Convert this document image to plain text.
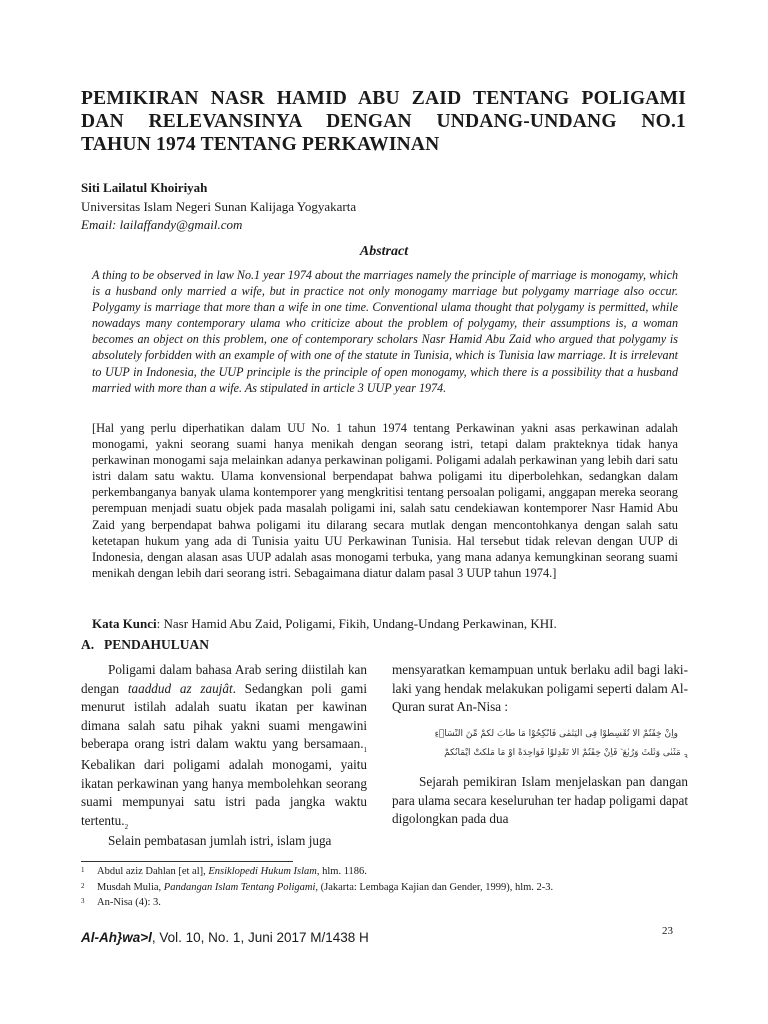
PEMIKIRAN NASR HAMID ABU ZAID TENTANG POLIGAMI
DAN RELEVANSINYA DENGAN UNDANG-UNDANG NO.1
TAHUN 1974 TENTANG PERKAWINAN
Siti Lailatul Khoiriyah
Universitas Islam Negeri Sunan Kalijaga Yogyakarta
Email: lailaffandy@gmail.com
Abstract

A thing to be observed in law No.1 year 1974 about the marriages namely the principle of marriage is monogamy, which is a husband only married a wife, but in practice not only monogamy marriage but polygamy marriage also occur. Polygamy is marriage that more than a wife in one time. Conventional ulama thought that polygamy is permitted, while nowadays many contemporary ulama who criticize about the problem of polygamy, their assumptions is, a woman becomes an object on this problem, one of contemporary scholars Nasr Hamid Abu Zaid who argued that polygamy is absolutely forbidden with an example of with one of the statute in Tunisia, which is Tunisia law marriage. It is irrelevant to UUP in Indonesia, the UUP principle is the principle of open monogamy, which there is a possibility that a husband married with more than a wife. As stipulated in article 3 UUP year 1974.

[Hal yang perlu diperhatikan dalam UU No. 1 tahun 1974 tentang Perkawinan yakni asas perkawinan adalah monogami, yakni seorang suami hanya menikah dengan seorang istri, tetapi dalam prakteknya tidak hanya perkawinan monogami saja melainkan adanya perkawinan poligami. Poligami adalah perkawinan yang lebih dari satu istri dalam satu waktu. Ulama konvensional berpendapat bahwa poligami itu diperbolehkan, sedangkan dalam perkembanganya banyak ulama kontemporer yang mengkritisi tentang persoalan poligami, anggapan mereka seorang perempuan menjadi suatu objek pada masalah poligami ini, salah satu cendekiawan kontemporer Nasr Hamid Abu Zaid yang berpendapat bahwa poligami itu dilarang secara mutlak dengan mencontohkanya dengan salah satu ketetapan hukum yang ada di Tunisia yaitu UU Perkawinan Tunisia. Hal tersebut tidak relevan dengan UUP di Indonesia, dengan alasan asas UUP adalah asas monogami terbuka, yang mana adanya kemungkinan seorang suami menikah dengan lebih dari seorang istri. Sebagaimana diatur dalam pasal 3 UUP tahun 1974.]

Kata Kunci: Nasr Hamid Abu Zaid, Poligami, Fikih, Undang-Undang Perkawinan, KHI.
A. PENDAHULUAN

Poligami dalam bahasa Arab sering diistilah kan dengan taaddud az zaujât. Sedangkan poli gami menurut istilah adalah suatu ikatan per kawinan dimana salah satu pihak yakni suami mengawini beberapa orang istri dalam waktu yang bersamaan.$^1$ Kebalikan dari poligami adalah monogami, yaitu ikatan perkawinan yang hanya membolehkan seorang suami mempunyai satu istri pada jangka waktu tertentu.$^2$

Selain pembatasan jumlah istri, islam juga

mensyaratkan kemampuan untuk berlaku adil bagi laki-laki yang hendak melakukan poligami seperti dalam Al-Quran surat An-Nisa :

واِنْ خِفْتُمْ اَلَّا تُقْسِطُوْا فِى الْيَتٰمٰى فَانْكِحُوْا مَا طَابَ لَكُمْ مِّنَ النِّسَاۤءِ
$^3$ مَثْنٰى وَثُلٰثَ وَرُبٰعَ ۚ فَاِنْ خِفْتُمْ اَلَّا تَعْدِلُوْا فَوَاحِدَةً اَوْ مَا مَلَكَتْ اَيْمَانُكُمْ

Sejarah pemikiran Islam menjelaskan pan dangan para ulama secara keseluruhan ter hadap poligami dapat digolongkan pada dua

1 Abdul aziz Dahlan [et al], Ensiklopedi Hukum Islam, hlm. 1186.
2 Musdah Mulia, Pandangan Islam Tentang Poligami, (Jakarta: Lembaga Kajian dan Gender, 1999), hlm. 2-3.
3 An-Nisa (4): 3.
Al-Ah}wa>l, Vol. 10, No. 1, Juni 2017 M/1438 H	23
